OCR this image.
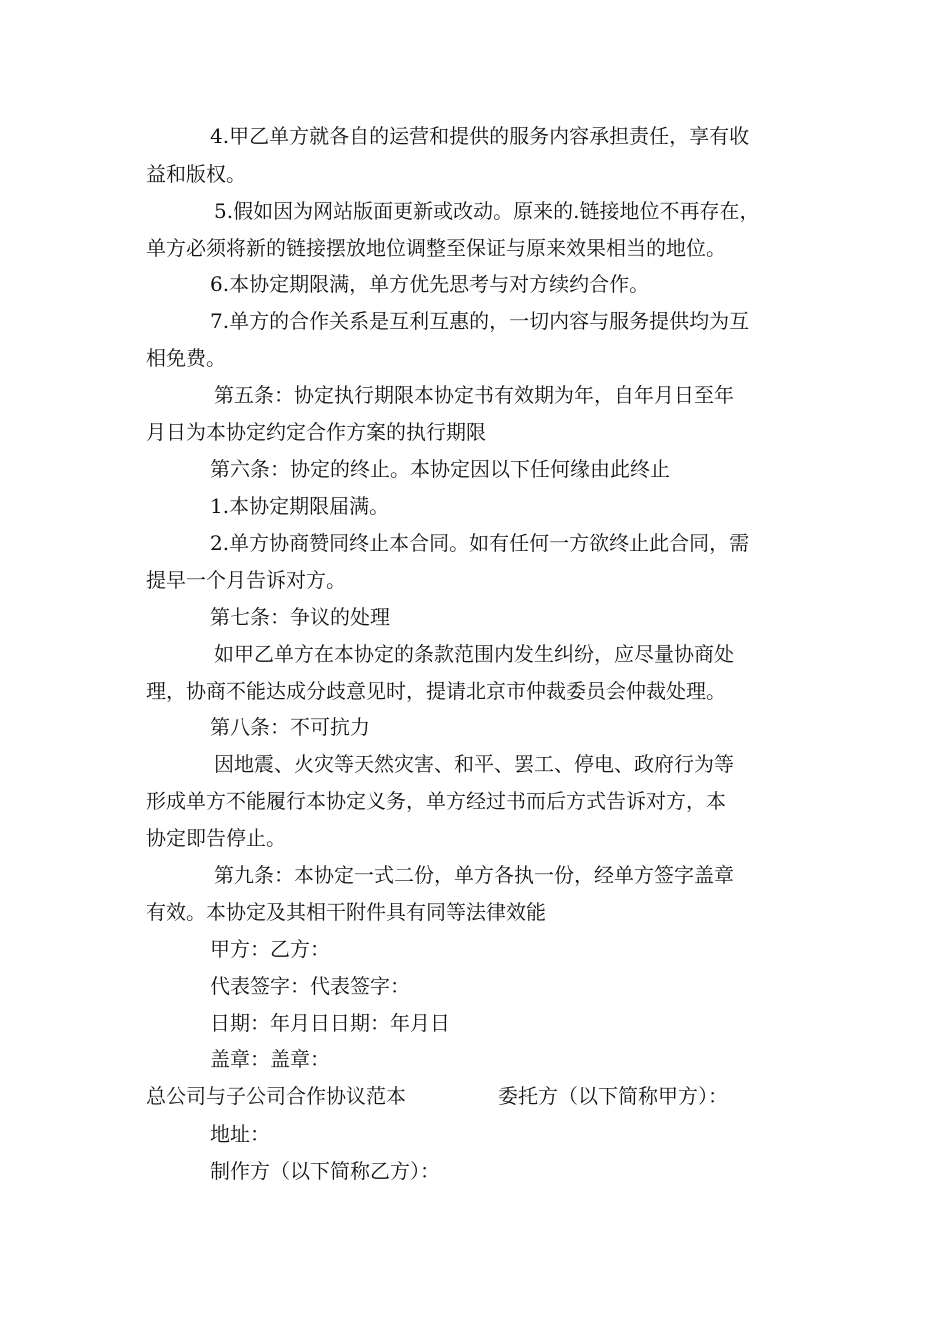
4.甲乙单方就各自的运营和提供的服务内容承担责任，享有收
益和版权。
5.假如因为网站版面更新或改动。原来的.链接地位不再存在，
单方必须将新的链接摆放地位调整至保证与原来效果相当的地位。
6.本协定期限满，单方优先思考与对方续约合作。
7.单方的合作关系是互利互惠的，一切内容与服务提供均为互
相免费。
第五条：协定执行期限本协定书有效期为年，自年月日至年
月日为本协定约定合作方案的执行期限
第六条：协定的终止。本协定因以下任何缘由此终止
1.本协定期限届满。
2.单方协商赞同终止本合同。如有任何一方欲终止此合同，需
提早一个月告诉对方。
第七条：争议的处理
如甲乙单方在本协定的条款范围内发生纠纷，应尽量协商处
理，协商不能达成分歧意见时，提请北京市仲裁委员会仲裁处理。
第八条：不可抗力
因地震、火灾等天然灾害、和平、罢工、停电、政府行为等
形成单方不能履行本协定义务，单方经过书而后方式告诉对方，本
协定即告停止。
第九条：本协定一式二份，单方各执一份，经单方签字盖章
有效。本协定及其相干附件具有同等法律效能
甲方：乙方：
代表签字：代表签字：
日期：年月日日期：年月日
盖章：盖章：
总公司与子公司合作协议范本	委托方（以下简称甲方）：
地址：
制作方（以下简称乙方）：
